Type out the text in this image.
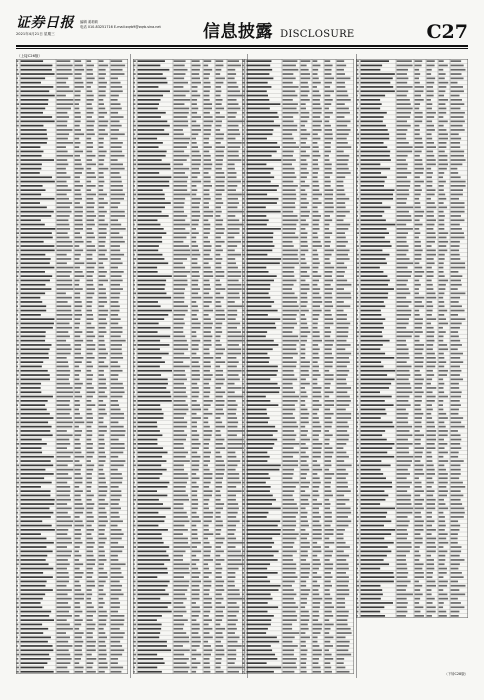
证券日报
2021年4月21日 星期三
编辑 姜莉莉
电话 010-83251716 E-mail:zqrb9@zqrb.sina.net 信息披露 DISCLOSURE	C27
（上接C26版）
（下转C28版）
